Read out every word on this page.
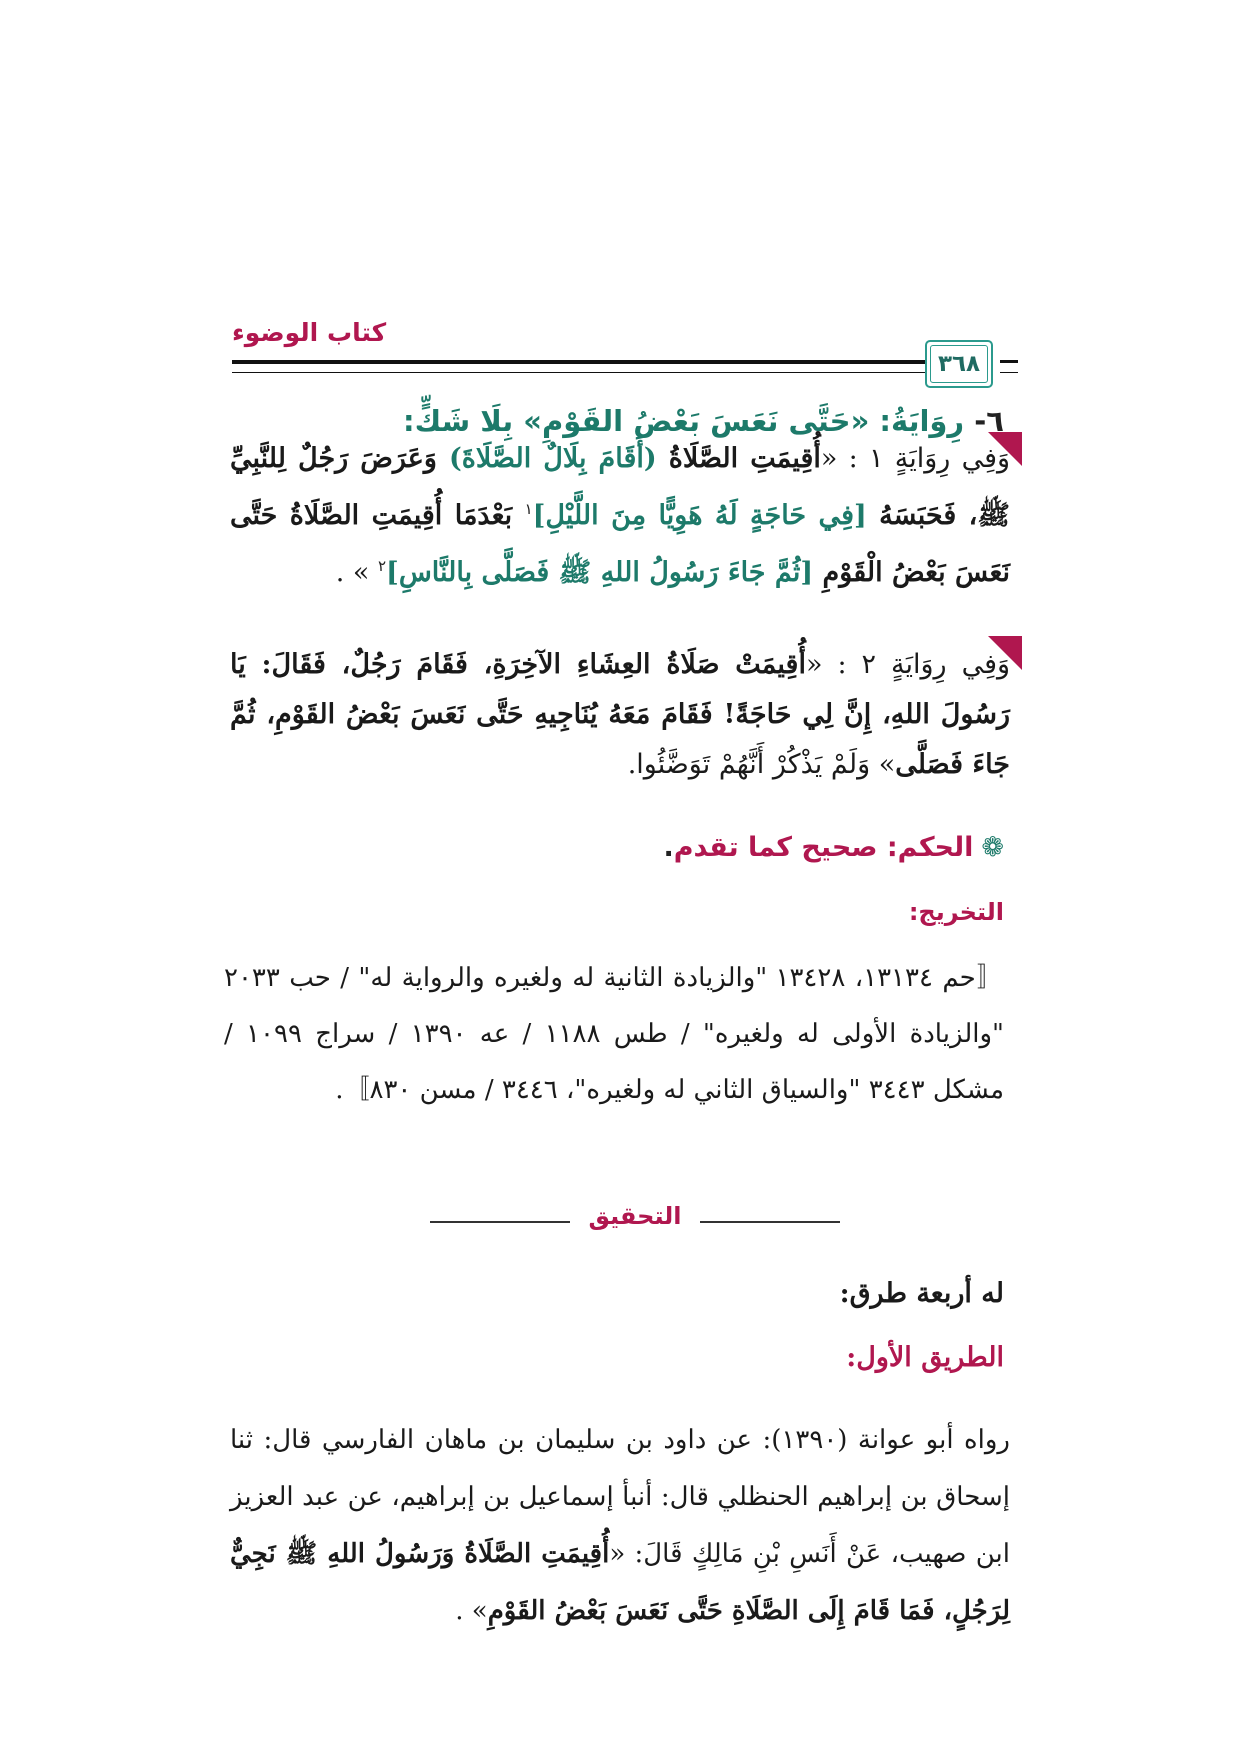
كتاب الوضوء
٣٦٨
٦- رِوَايَةُ: «حَتَّى نَعَسَ بَعْضُ القَوْمِ» بِلَا شَكٍّ:
وَفِي رِوَايَةٍ ١ : «أُقِيمَتِ الصَّلَاةُ (أَقَامَ بِلَالٌ الصَّلَاةَ) وَعَرَضَ رَجُلٌ لِلنَّبِيِّ ﷺ، فَحَبَسَهُ [فِي حَاجَةٍ لَهُ هَوِيًّا مِنَ اللَّيْلِ]$^١$ بَعْدَمَا أُقِيمَتِ الصَّلَاةُ حَتَّى نَعَسَ بَعْضُ الْقَوْمِ [ثُمَّ جَاءَ رَسُولُ اللهِ ﷺ فَصَلَّى بِالنَّاسِ]$^٢$ » .
وَفِي رِوَايَةٍ ٢ : «أُقِيمَتْ صَلَاةُ العِشَاءِ الآخِرَةِ، فَقَامَ رَجُلٌ، فَقَالَ: يَا رَسُولَ اللهِ، إِنَّ لِي حَاجَةً! فَقَامَ مَعَهُ يُنَاجِيهِ حَتَّى نَعَسَ بَعْضُ القَوْمِ، ثُمَّ جَاءَ فَصَلَّى» وَلَمْ يَذْكُرْ أَنَّهُمْ تَوَضَّئُوا.
❁الحكم: صحيح كما تقدم.
التخريج:
〚حم ١٣١٣٤، ١٣٤٢٨ "والزيادة الثانية له ولغيره والرواية له" / حب ٢٠٣٣ "والزيادة الأولى له ولغيره" / طس ١١٨٨ / عه ١٣٩٠ / سراج ١٠٩٩ / مشكل ٣٤٤٣ "والسياق الثاني له ولغيره"، ٣٤٤٦ / مسن ٨٣٠〛.
التحقيق
له أربعة طرق:
الطريق الأول:
رواه أبو عوانة (١٣٩٠): عن داود بن سليمان بن ماهان الفارسي قال: ثنا إسحاق بن إبراهيم الحنظلي قال: أنبأ إسماعيل بن إبراهيم، عن عبد العزيز ابن صهيب، عَنْ أَنَسِ بْنِ مَالِكٍ قَالَ: «أُقِيمَتِ الصَّلَاةُ وَرَسُولُ اللهِ ﷺ نَجِيٌّ لِرَجُلٍ، فَمَا قَامَ إِلَى الصَّلَاةِ حَتَّى نَعَسَ بَعْضُ القَوْمِ» .
